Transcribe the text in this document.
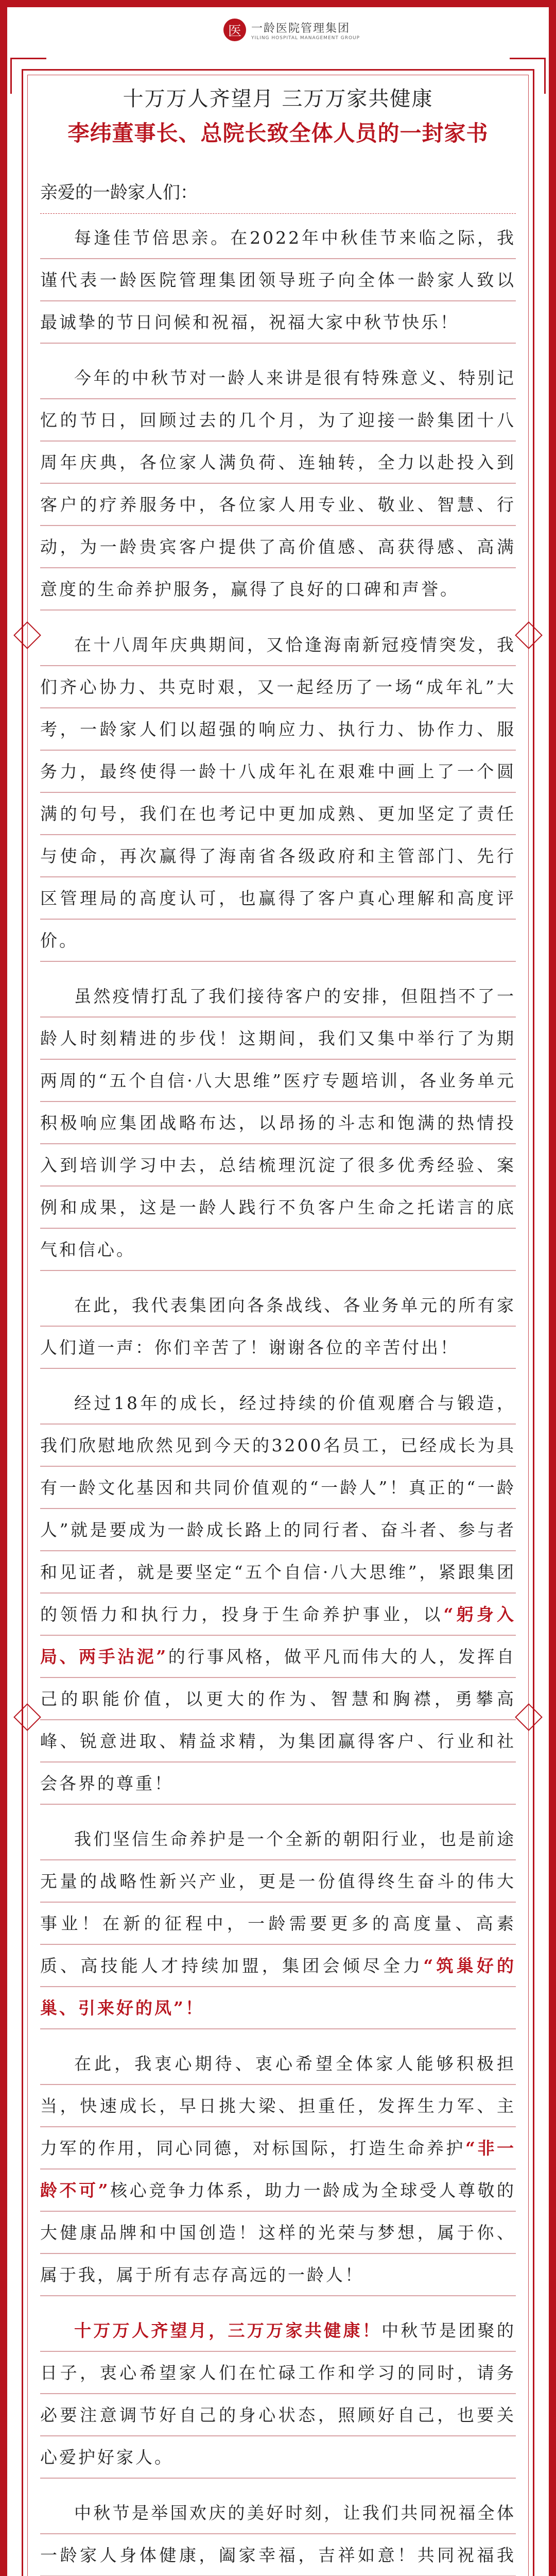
医 一龄医院管理集团
YILING HOSPITAL MANAGEMENT GROUP
十万万人齐望月 三万万家共健康
李纬董事长、总院长致全体人员的一封家书
亲爱的一龄家人们：

每逢佳节倍思亲。在2022年中秋佳节来临之际，我谨代表一龄医院管理集团领导班子向全体一龄家人致以最诚挚的节日问候和祝福，祝福大家中秋节快乐！

今年的中秋节对一龄人来讲是很有特殊意义、特别记忆的节日，回顾过去的几个月，为了迎接一龄集团十八周年庆典，各位家人满负荷、连轴转，全力以赴投入到客户的疗养服务中，各位家人用专业、敬业、智慧、行动，为一龄贵宾客户提供了高价值感、高获得感、高满意度的生命养护服务，赢得了良好的口碑和声誉。

在十八周年庆典期间，又恰逢海南新冠疫情突发，我们齐心协力、共克时艰，又一起经历了一场“成年礼”大考，一龄家人们以超强的响应力、执行力、协作力、服务力，最终使得一龄十八成年礼在艰难中画上了一个圆满的句号，我们在也考记中更加成熟、更加坚定了责任与使命，再次赢得了海南省各级政府和主管部门、先行区管理局的高度认可，也赢得了客户真心理解和高度评价。

虽然疫情打乱了我们接待客户的安排，但阻挡不了一龄人时刻精进的步伐！这期间，我们又集中举行了为期两周的“五个自信·八大思维”医疗专题培训，各业务单元积极响应集团战略布达，以昂扬的斗志和饱满的热情投入到培训学习中去，总结梳理沉淀了很多优秀经验、案例和成果，这是一龄人践行不负客户生命之托诺言的底气和信心。

在此，我代表集团向各条战线、各业务单元的所有家人们道一声：你们辛苦了！谢谢各位的辛苦付出！

经过18年的成长，经过持续的价值观磨合与锻造，我们欣慰地欣然见到今天的3200名员工，已经成长为具有一龄文化基因和共同价值观的“一龄人”！真正的“一龄人”就是要成为一龄成长路上的同行者、奋斗者、参与者和见证者，就是要坚定“五个自信·八大思维”，紧跟集团的领悟力和执行力，投身于生命养护事业，以“躬身入局、两手沾泥”的行事风格，做平凡而伟大的人，发挥自己的职能价值，以更大的作为、智慧和胸襟，勇攀高峰、锐意进取、精益求精，为集团赢得客户、行业和社会各界的尊重！

我们坚信生命养护是一个全新的朝阳行业，也是前途无量的战略性新兴产业，更是一份值得终生奋斗的伟大事业！在新的征程中，一龄需要更多的高度量、高素质、高技能人才持续加盟，集团会倾尽全力“筑巢好的巢、引来好的凤”！

在此，我衷心期待、衷心希望全体家人能够积极担当，快速成长，早日挑大梁、担重任，发挥生力军、主力军的作用，同心同德，对标国际，打造生命养护“非一龄不可”核心竞争力体系，助力一龄成为全球受人尊敬的大健康品牌和中国创造！这样的光荣与梦想，属于你、属于我，属于所有志存高远的一龄人！

十万万人齐望月，三万万家共健康！中秋节是团聚的日子，衷心希望家人们在忙碌工作和学习的同时，请务必要注意调节好自己的身心状态，照顾好自己，也要关心爱护好家人。

中秋节是举国欢庆的美好时刻，让我们共同祝福全体一龄家人身体健康，阖家幸福，吉祥如意！共同祝福我
